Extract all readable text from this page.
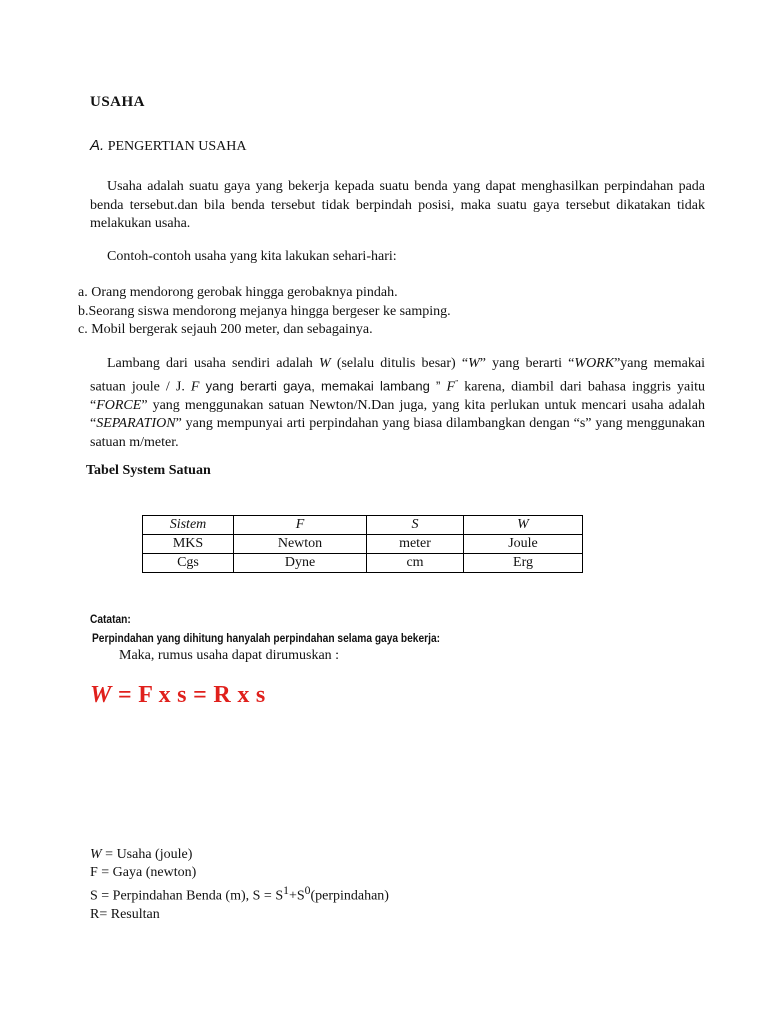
USAHA
A. PENGERTIAN USAHA

Usaha adalah suatu gaya yang bekerja kepada suatu benda yang dapat menghasilkan perpindahan pada benda tersebut.dan bila benda tersebut tidak berpindah posisi, maka suatu gaya tersebut dikatakan tidak melakukan usaha.

Contoh-contoh usaha yang kita lakukan sehari-hari:
a. Orang mendorong gerobak hingga gerobaknya pindah.
b.Seorang siswa mendorong mejanya hingga bergeser ke samping.
c. Mobil bergerak sejauh 200 meter, dan sebagainya.

Lambang dari usaha sendiri adalah W (selalu ditulis besar) “W” yang berarti “WORK”yang memakai satuan joule / J. F yang berarti gaya, memakai lambang ” F” karena, diambil dari bahasa inggris yaitu “FORCE” yang menggunakan satuan Newton/N.Dan juga, yang kita perlukan untuk mencari usaha adalah “SEPARATION” yang mempunyai arti perpindahan yang biasa dilambangkan dengan “s” yang menggunakan satuan m/meter.

Tabel System Satuan
Sistem	F	S	W
MKS	Newton	meter	Joule
Cgs	Dyne	cm	Erg
Catatan:
Perpindahan yang dihitung hanyalah perpindahan selama gaya bekerja:
Maka, rumus usaha dapat dirumuskan :
W = F x s = R x s
W = Usaha (joule)
F = Gaya (newton)
S = Perpindahan Benda (m), $S = S^1+S^0(perpindahan)$
R= Resultan
